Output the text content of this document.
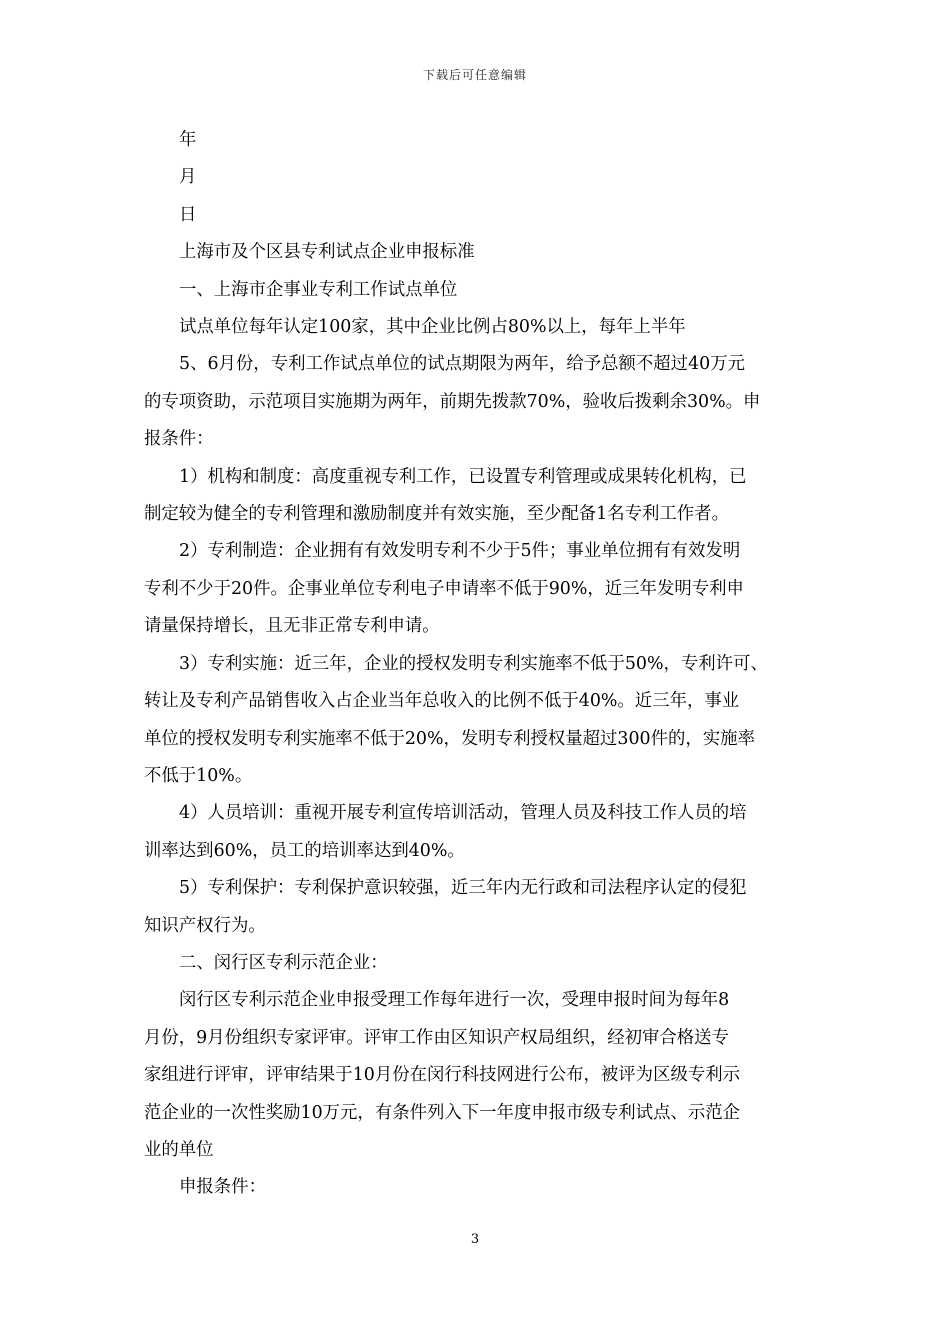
下载后可任意编辑

年

月

日

上海市及个区县专利试点企业申报标准

一、上海市企事业专利工作试点单位

试点单位每年认定100家，其中企业比例占80%以上，每年上半年

5、6月份，专利工作试点单位的试点期限为两年，给予总额不超过40万元

的专项资助，示范项目实施期为两年，前期先拨款70%，验收后拨剩余30%。申

报条件：

1）机构和制度：高度重视专利工作，已设置专利管理或成果转化机构，已

制定较为健全的专利管理和激励制度并有效实施，至少配备1名专利工作者。

2）专利制造：企业拥有有效发明专利不少于5件；事业单位拥有有效发明

专利不少于20件。企事业单位专利电子申请率不低于90%，近三年发明专利申

请量保持增长，且无非正常专利申请。

3）专利实施：近三年，企业的授权发明专利实施率不低于50%，专利许可、

转让及专利产品销售收入占企业当年总收入的比例不低于40%。近三年，事业

单位的授权发明专利实施率不低于20%，发明专利授权量超过300件的，实施率

不低于10%。

4）人员培训：重视开展专利宣传培训活动，管理人员及科技工作人员的培

训率达到60%，员工的培训率达到40%。

5）专利保护：专利保护意识较强，近三年内无行政和司法程序认定的侵犯

知识产权行为。

二、闵行区专利示范企业：

闵行区专利示范企业申报受理工作每年进行一次，受理申报时间为每年8

月份，9月份组织专家评审。评审工作由区知识产权局组织，经初审合格送专

家组进行评审，评审结果于10月份在闵行科技网进行公布，被评为区级专利示

范企业的一次性奖励10万元，有条件列入下一年度申报市级专利试点、示范企

业的单位

申报条件：

3
